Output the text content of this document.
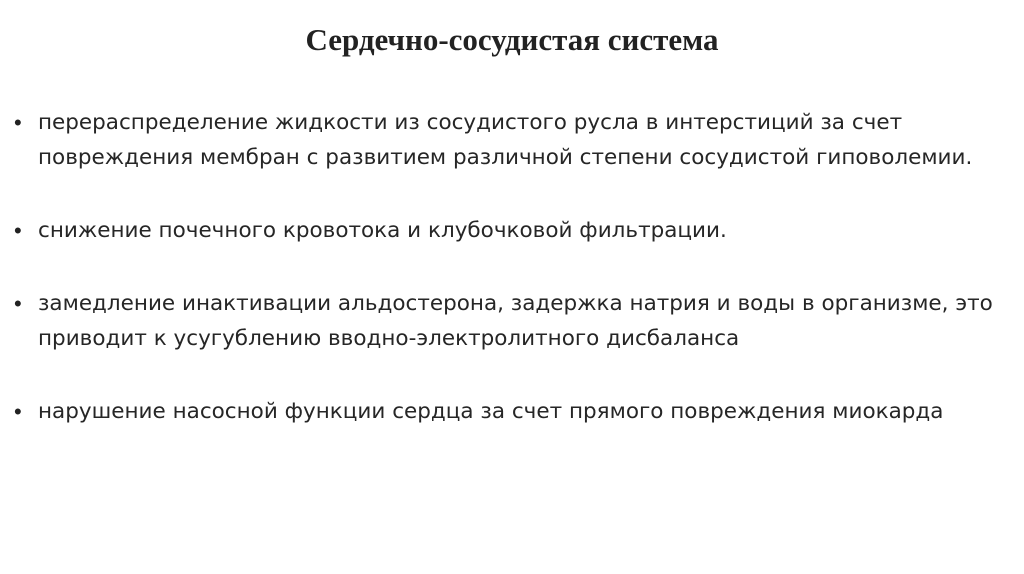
Сердечно-сосудистая система
• перераспределение жидкости из сосудистого русла в интерстиций за счет повреждения мембран с развитием различной степени сосудистой гиповолемии.
• снижение почечного кровотока и клубочковой фильтрации.
• замедление инактивации альдостерона, задержка натрия и воды в организме, это приводит к усугублению вводно-электролитного дисбаланса
• нарушение насосной функции сердца за счет прямого повреждения миокарда
